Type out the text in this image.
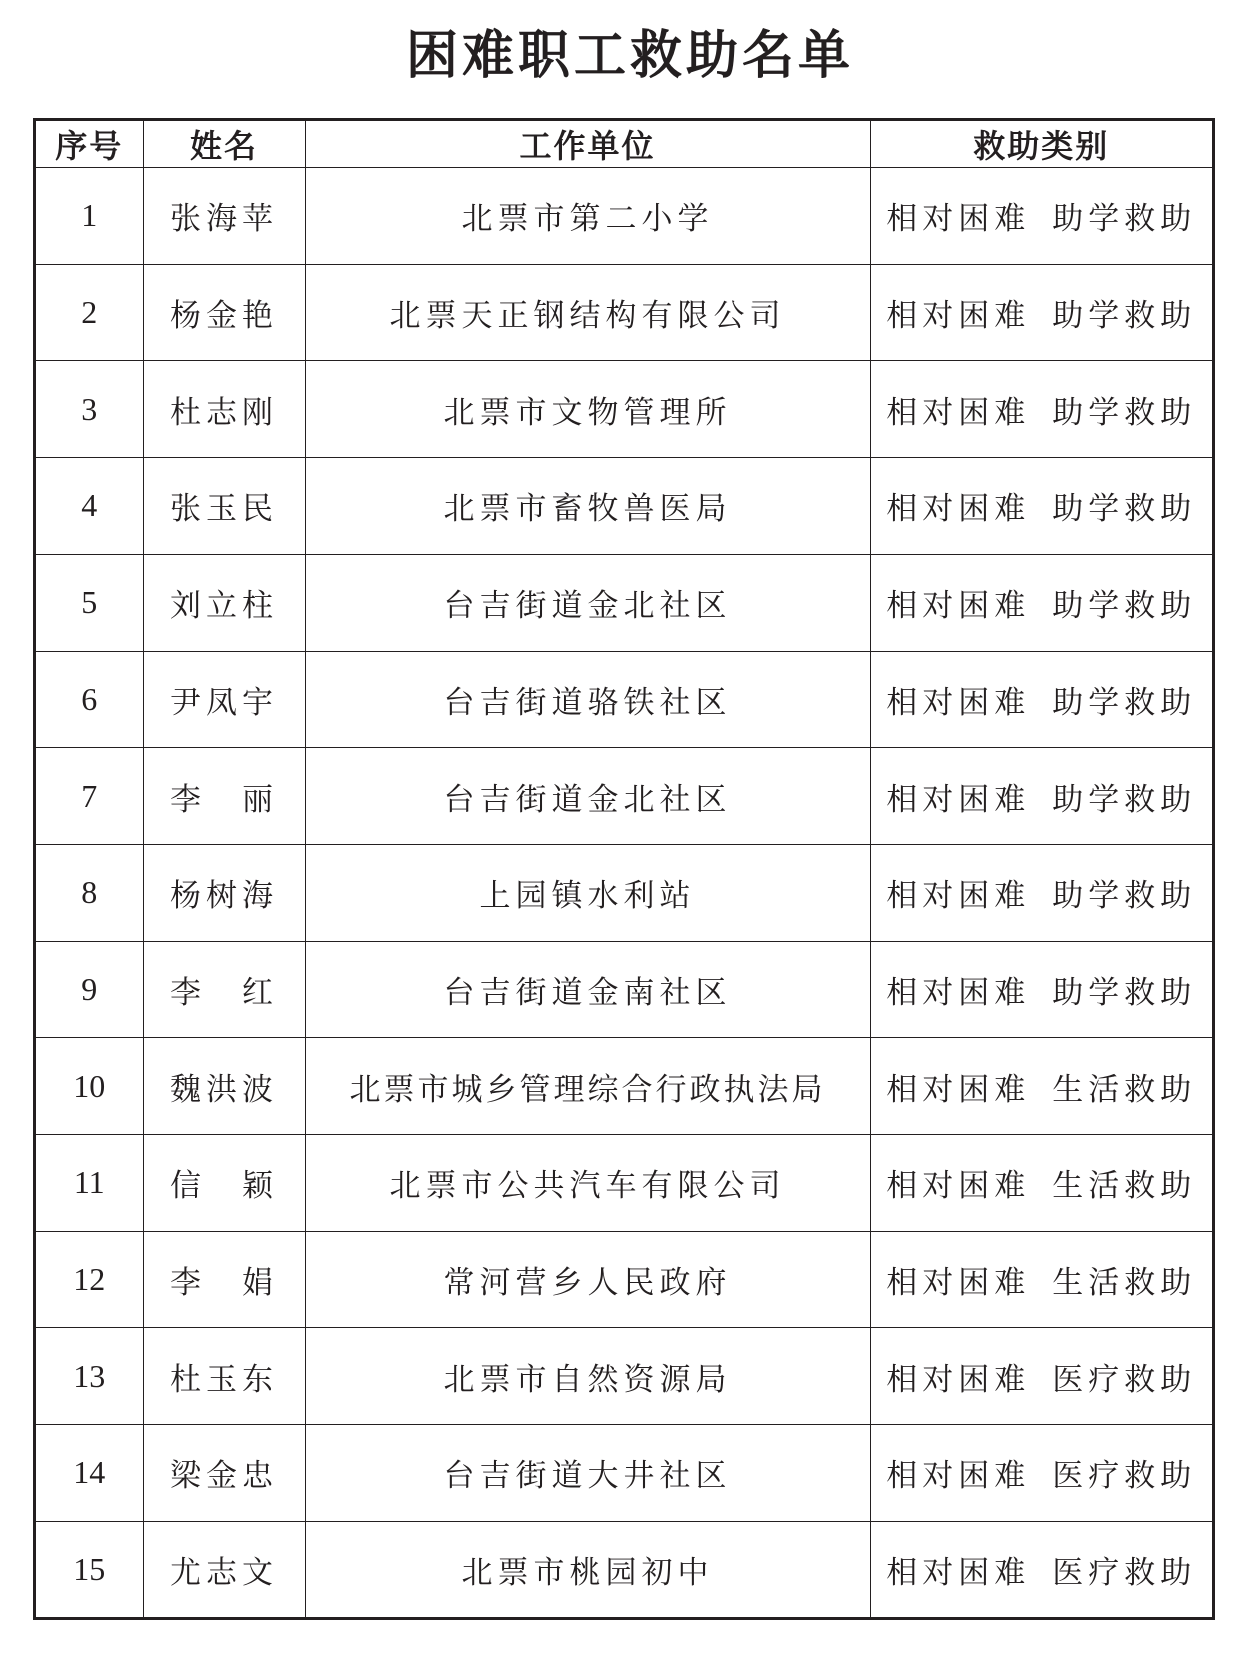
困难职工救助名单
序号	姓名	工作单位	救助类别
1	张海苹	北票市第二小学	相对困难 助学救助
2	杨金艳	北票天正钢结构有限公司	相对困难 助学救助
3	杜志刚	北票市文物管理所	相对困难 助学救助
4	张玉民	北票市畜牧兽医局	相对困难 助学救助
5	刘立柱	台吉街道金北社区	相对困难 助学救助
6	尹凤宇	台吉街道骆铁社区	相对困难 助学救助
7	李　丽	台吉街道金北社区	相对困难 助学救助
8	杨树海	上园镇水利站	相对困难 助学救助
9	李　红	台吉街道金南社区	相对困难 助学救助
10	魏洪波	北票市城乡管理综合行政执法局	相对困难 生活救助
11	信　颖	北票市公共汽车有限公司	相对困难 生活救助
12	李　娟	常河营乡人民政府	相对困难 生活救助
13	杜玉东	北票市自然资源局	相对困难 医疗救助
14	梁金忠	台吉街道大井社区	相对困难 医疗救助
15	尤志文	北票市桃园初中	相对困难 医疗救助
